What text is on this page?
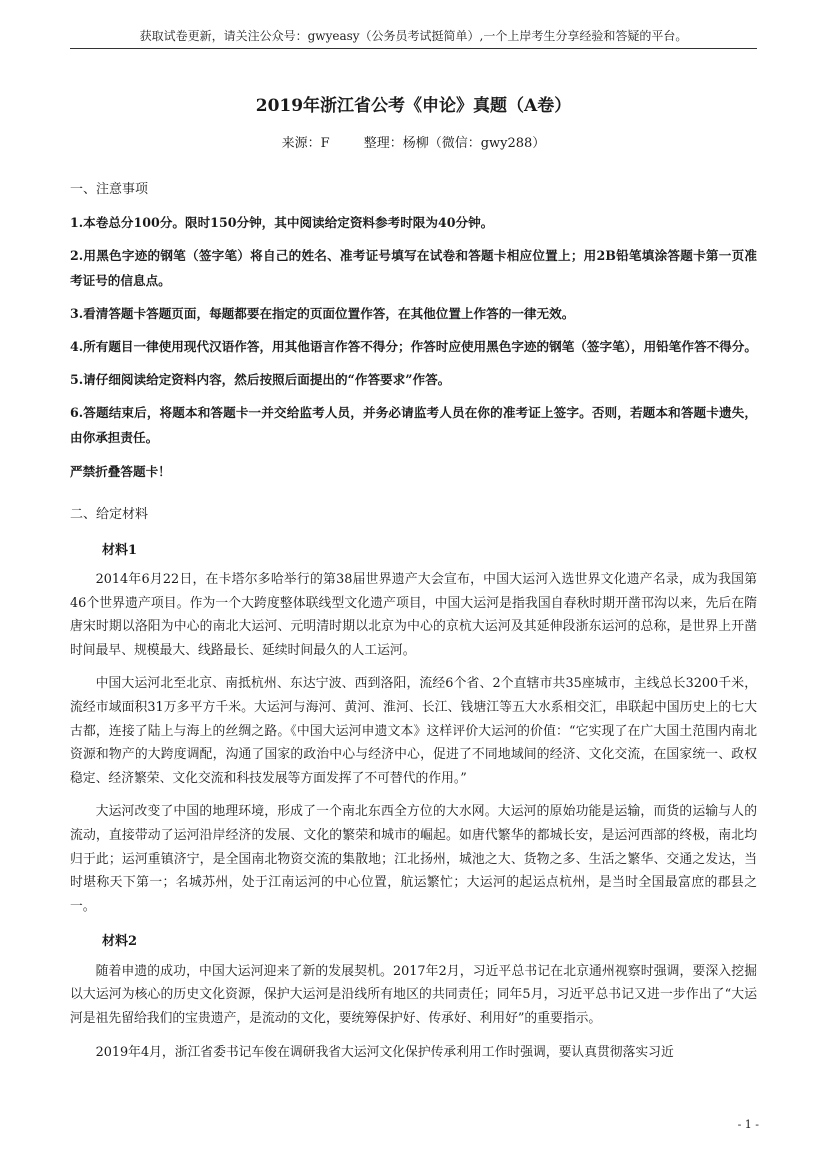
获取试卷更新，请关注公众号：gwyeasy（公务员考试挺简单）,一个上岸考生分享经验和答疑的平台。
2019年浙江省公考《申论》真题（A卷）
来源：F	整理：杨柳（微信：gwy288）
一、注意事项
1.本卷总分100分。限时150分钟，其中阅读给定资料参考时限为40分钟。
2.用黑色字迹的钢笔（签字笔）将自己的姓名、准考证号填写在试卷和答题卡相应位置上；用2B铅笔填涂答题卡第一页准考证号的信息点。
3.看清答题卡答题页面，每题都要在指定的页面位置作答，在其他位置上作答的一律无效。
4.所有题目一律使用现代汉语作答，用其他语言作答不得分；作答时应使用黑色字迹的钢笔（签字笔），用铅笔作答不得分。
5.请仔细阅读给定资料内容，然后按照后面提出的“作答要求”作答。
6.答题结束后，将题本和答题卡一并交给监考人员，并务必请监考人员在你的准考证上签字。否则，若题本和答题卡遗失，由你承担责任。
严禁折叠答题卡！
二、给定材料
材料1

2014年6月22日，在卡塔尔多哈举行的第38届世界遗产大会宣布，中国大运河入选世界文化遗产名录，成为我国第46个世界遗产项目。作为一个大跨度整体联线型文化遗产项目，中国大运河是指我国自春秋时期开凿邗沟以来，先后在隋唐宋时期以洛阳为中心的南北大运河、元明清时期以北京为中心的京杭大运河及其延伸段浙东运河的总称，是世界上开凿时间最早、规模最大、线路最长、延续时间最久的人工运河。

中国大运河北至北京、南抵杭州、东达宁波、西到洛阳，流经6个省、2个直辖市共35座城市，主线总长3200千米，流经市域面积31万多平方千米。大运河与海河、黄河、淮河、长江、钱塘江等五大水系相交汇，串联起中国历史上的七大古都，连接了陆上与海上的丝绸之路。《中国大运河申遗文本》这样评价大运河的价值：“它实现了在广大国土范围内南北资源和物产的大跨度调配，沟通了国家的政治中心与经济中心，促进了不同地域间的经济、文化交流，在国家统一、政权稳定、经济繁荣、文化交流和科技发展等方面发挥了不可替代的作用。”

大运河改变了中国的地理环境，形成了一个南北东西全方位的大水网。大运河的原始功能是运输，而货的运输与人的流动，直接带动了运河沿岸经济的发展、文化的繁荣和城市的崛起。如唐代繁华的都城长安，是运河西部的终极，南北均归于此；运河重镇济宁，是全国南北物资交流的集散地；江北扬州，城池之大、货物之多、生活之繁华、交通之发达，当时堪称天下第一；名城苏州，处于江南运河的中心位置，航运繁忙；大运河的起运点杭州，是当时全国最富庶的郡县之一。

材料2

随着申遗的成功，中国大运河迎来了新的发展契机。2017年2月，习近平总书记在北京通州视察时强调，要深入挖掘以大运河为核心的历史文化资源，保护大运河是沿线所有地区的共同责任；同年5月，习近平总书记又进一步作出了“大运河是祖先留给我们的宝贵遗产，是流动的文化，要统筹保护好、传承好、利用好”的重要指示。

2019年4月，浙江省委书记车俊在调研我省大运河文化保护传承利用工作时强调，要认真贯彻落实习近

- 1 -
